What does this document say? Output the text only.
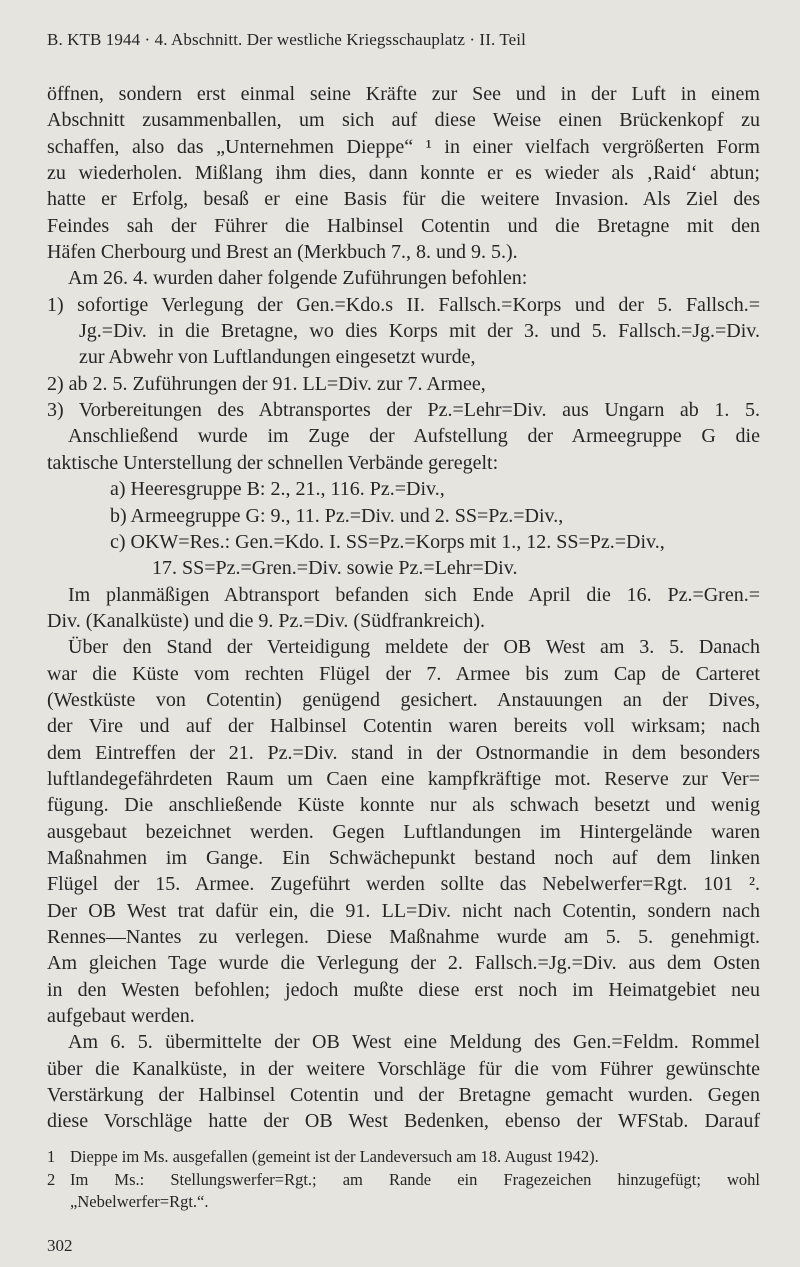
B. KTB 1944 · 4. Abschnitt. Der westliche Kriegsschauplatz · II. Teil
öffnen, sondern erst einmal seine Kräfte zur See und in der Luft in einem
Abschnitt zusammenballen, um sich auf diese Weise einen Brückenkopf zu
schaffen, also das „Unternehmen Dieppe“ ¹ in einer vielfach vergrößerten Form
zu wiederholen. Mißlang ihm dies, dann konnte er es wieder als ‚Raid‘ abtun;
hatte er Erfolg, besaß er eine Basis für die weitere Invasion. Als Ziel des
Feindes sah der Führer die Halbinsel Cotentin und die Bretagne mit den
Häfen Cherbourg und Brest an (Merkbuch 7., 8. und 9. 5.).
Am 26. 4. wurden daher folgende Zuführungen befohlen:
1) sofortige Verlegung der Gen.=Kdo.s II. Fallsch.=Korps und der 5. Fallsch.=
Jg.=Div. in die Bretagne, wo dies Korps mit der 3. und 5. Fallsch.=Jg.=Div.
zur Abwehr von Luftlandungen eingesetzt wurde,
2) ab 2. 5. Zuführungen der 91. LL=Div. zur 7. Armee,
3) Vorbereitungen des Abtransportes der Pz.=Lehr=Div. aus Ungarn ab 1. 5.
Anschließend wurde im Zuge der Aufstellung der Armeegruppe G die
taktische Unterstellung der schnellen Verbände geregelt:
a) Heeresgruppe B: 2., 21., 116. Pz.=Div.,
b) Armeegruppe G: 9., 11. Pz.=Div. und 2. SS=Pz.=Div.,
c) OKW=Res.: Gen.=Kdo. I. SS=Pz.=Korps mit 1., 12. SS=Pz.=Div.,
17. SS=Pz.=Gren.=Div. sowie Pz.=Lehr=Div.
Im planmäßigen Abtransport befanden sich Ende April die 16. Pz.=Gren.=
Div. (Kanalküste) und die 9. Pz.=Div. (Südfrankreich).
Über den Stand der Verteidigung meldete der OB West am 3. 5. Danach
war die Küste vom rechten Flügel der 7. Armee bis zum Cap de Carteret
(Westküste von Cotentin) genügend gesichert. Anstauungen an der Dives,
der Vire und auf der Halbinsel Cotentin waren bereits voll wirksam; nach
dem Eintreffen der 21. Pz.=Div. stand in der Ostnormandie in dem besonders
luftlandegefährdeten Raum um Caen eine kampfkräftige mot. Reserve zur Ver=
fügung. Die anschließende Küste konnte nur als schwach besetzt und wenig
ausgebaut bezeichnet werden. Gegen Luftlandungen im Hintergelände waren
Maßnahmen im Gange. Ein Schwächepunkt bestand noch auf dem linken
Flügel der 15. Armee. Zugeführt werden sollte das Nebelwerfer=Rgt. 101 ².
Der OB West trat dafür ein, die 91. LL=Div. nicht nach Cotentin, sondern nach
Rennes—Nantes zu verlegen. Diese Maßnahme wurde am 5. 5. genehmigt.
Am gleichen Tage wurde die Verlegung der 2. Fallsch.=Jg.=Div. aus dem Osten
in den Westen befohlen; jedoch mußte diese erst noch im Heimatgebiet neu
aufgebaut werden.
Am 6. 5. übermittelte der OB West eine Meldung des Gen.=Feldm. Rommel
über die Kanalküste, in der weitere Vorschläge für die vom Führer gewünschte
Verstärkung der Halbinsel Cotentin und der Bretagne gemacht wurden. Gegen
diese Vorschläge hatte der OB West Bedenken, ebenso der WFStab. Darauf
1 Dieppe im Ms. ausgefallen (gemeint ist der Landeversuch am 18. August 1942).
2 Im Ms.: Stellungswerfer=Rgt.; am Rande ein Fragezeichen hinzugefügt; wohl
„Nebelwerfer=Rgt.“.
302
